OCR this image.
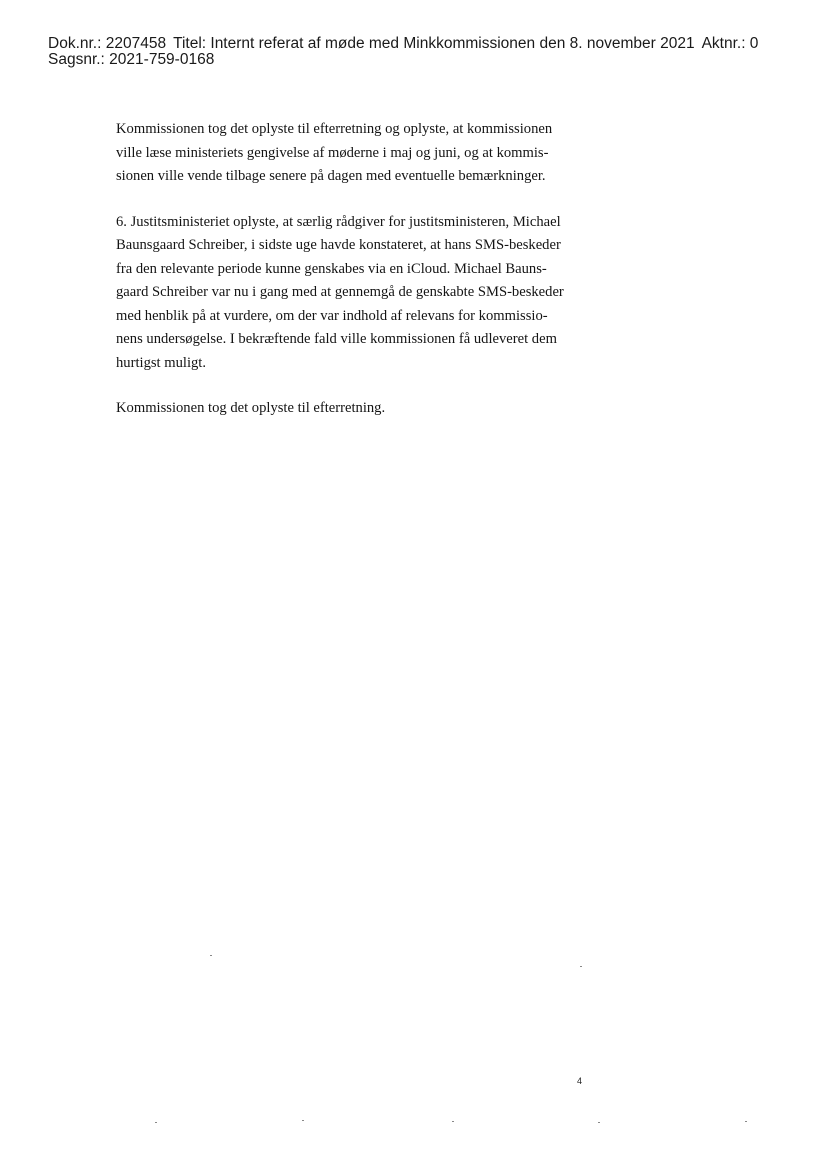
Dok.nr.: 2207458 Titel: Internt referat af møde med Minkkommissionen den 8. november 2021 Aktnr.: 0
Sagsnr.: 2021-759-0168
Kommissionen tog det oplyste til efterretning og oplyste, at kommissionen
ville læse ministeriets gengivelse af møderne i maj og juni, og at kommis-
sionen ville vende tilbage senere på dagen med eventuelle bemærkninger.
6. Justitsministeriet oplyste, at særlig rådgiver for justitsministeren, Michael
Baunsgaard Schreiber, i sidste uge havde konstateret, at hans SMS-beskeder
fra den relevante periode kunne genskabes via en iCloud. Michael Bauns-
gaard Schreiber var nu i gang med at gennemgå de genskabte SMS-beskeder
med henblik på at vurdere, om der var indhold af relevans for kommissio-
nens undersøgelse. I bekræftende fald ville kommissionen få udleveret dem
hurtigst muligt.
Kommissionen tog det oplyste til efterretning.
4
